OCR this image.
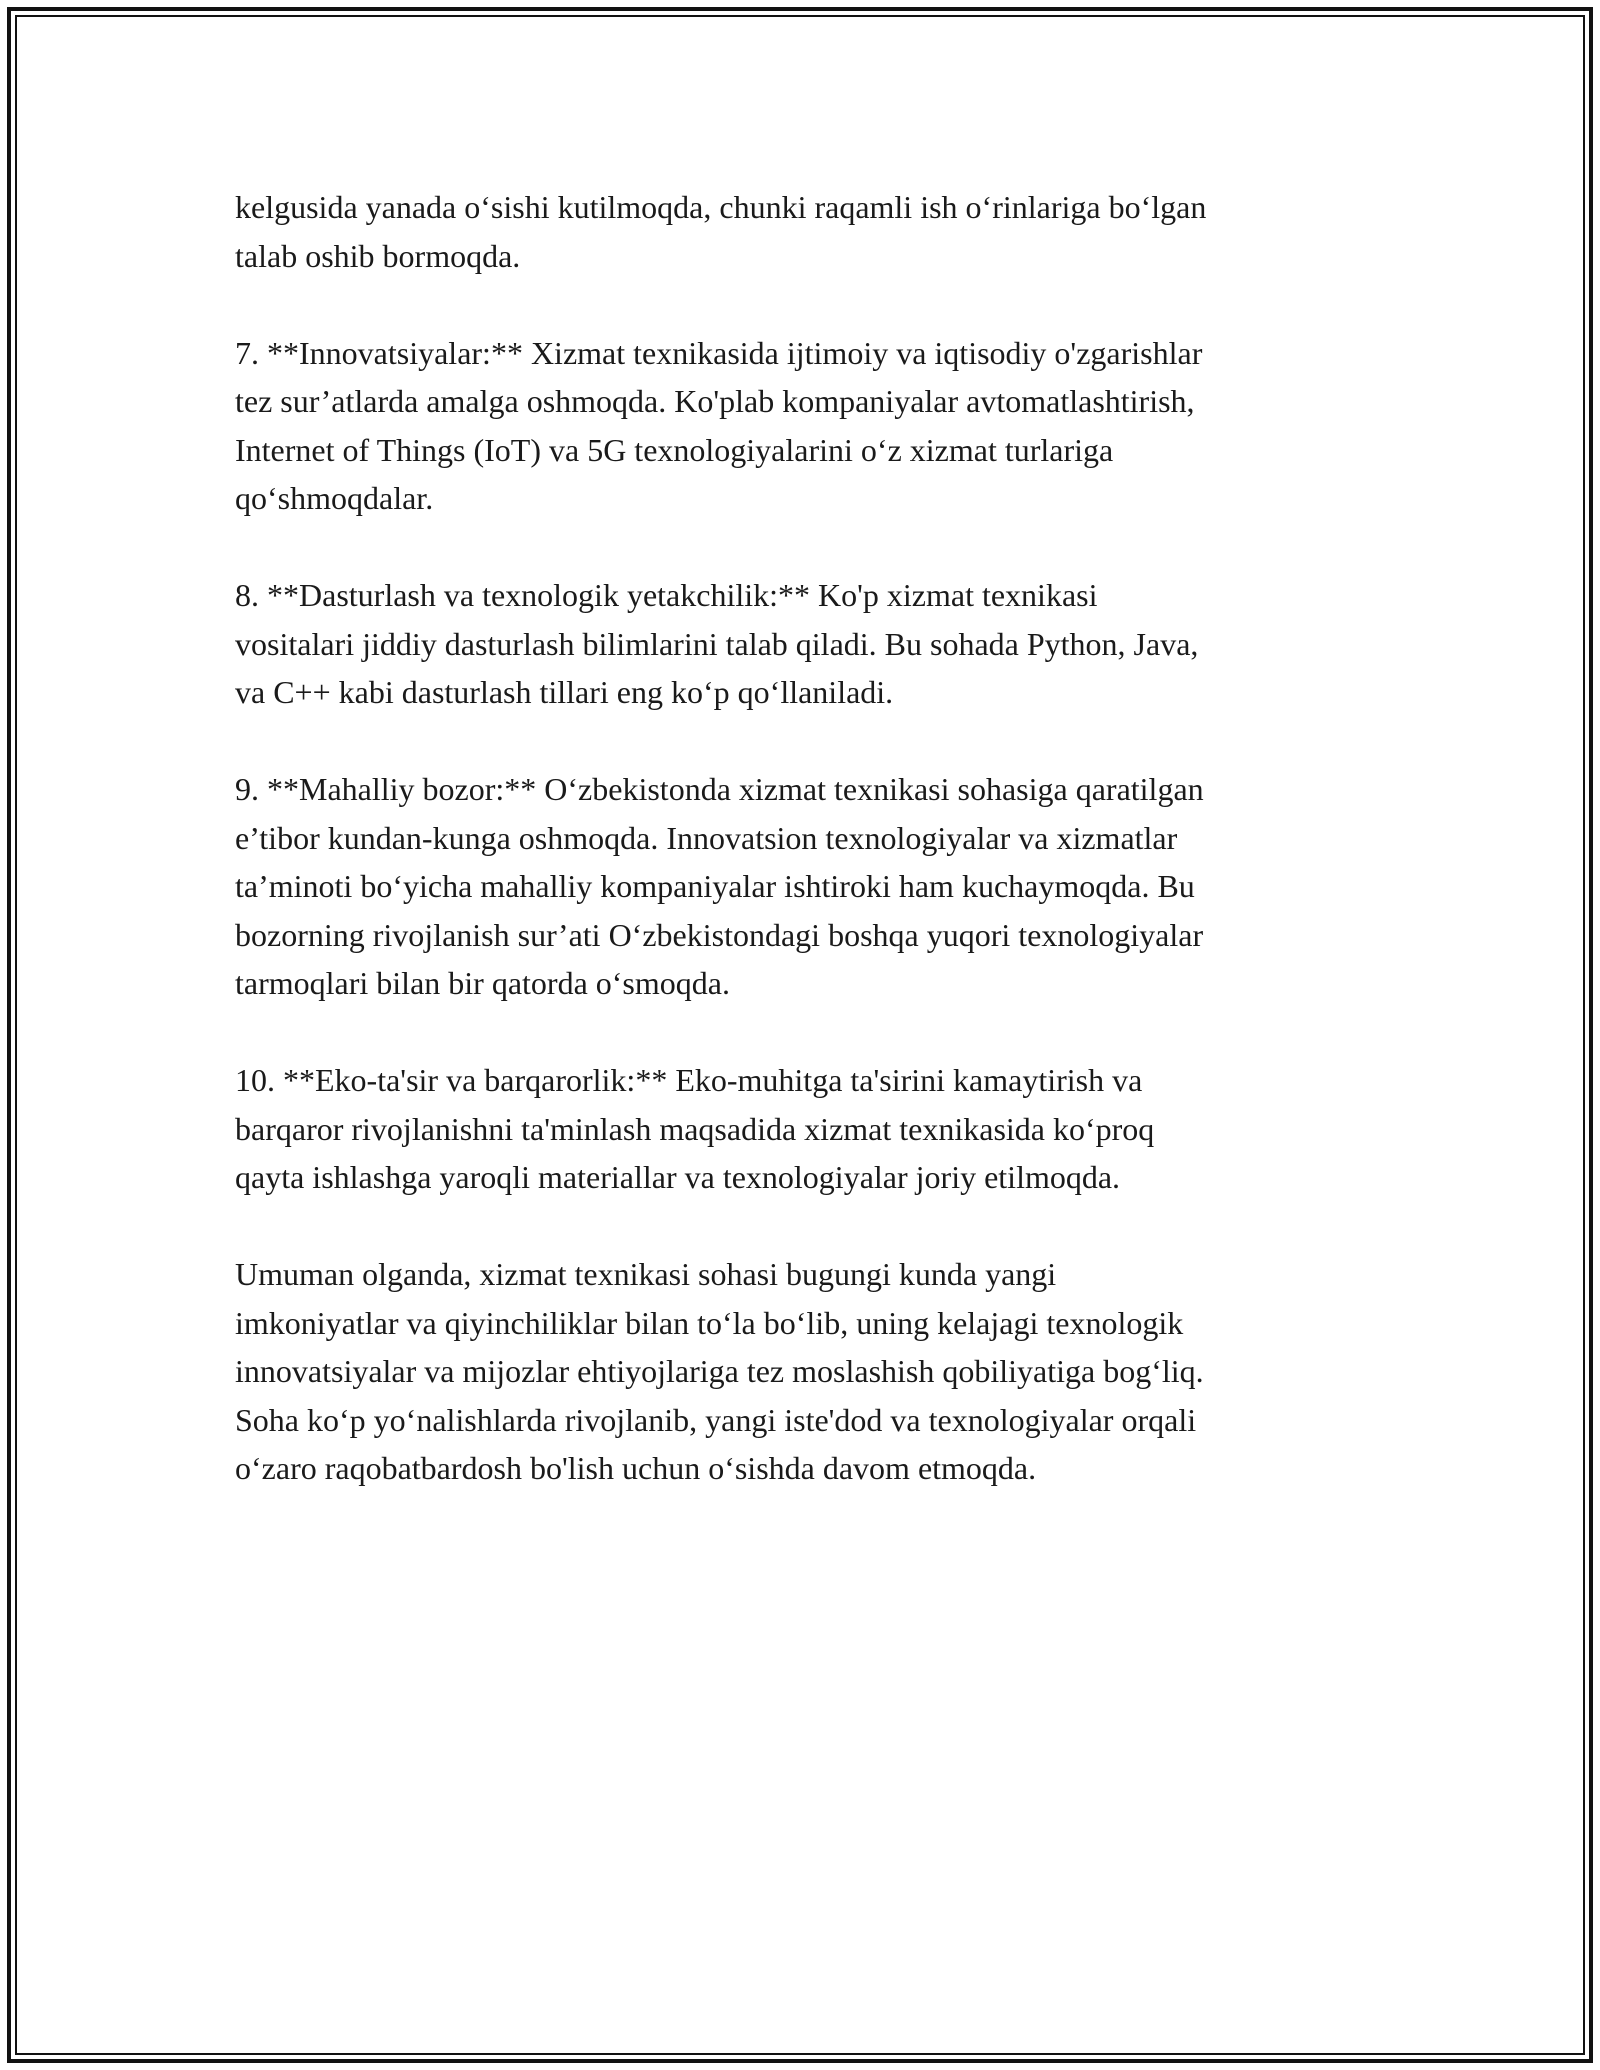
kelgusida yanada o‘sishi kutilmoqda, chunki raqamli ish o‘rinlariga bo‘lgan
talab oshib bormoqda.

7. **Innovatsiyalar:** Xizmat texnikasida ijtimoiy va iqtisodiy o'zgarishlar
tez sur’atlarda amalga oshmoqda. Ko'plab kompaniyalar avtomatlashtirish,
Internet of Things (IoT) va 5G texnologiyalarini o‘z xizmat turlariga
qo‘shmoqdalar.

8. **Dasturlash va texnologik yetakchilik:** Ko'p xizmat texnikasi
vositalari jiddiy dasturlash bilimlarini talab qiladi. Bu sohada Python, Java,
va C++ kabi dasturlash tillari eng ko‘p qo‘llaniladi.

9. **Mahalliy bozor:** O‘zbekistonda xizmat texnikasi sohasiga qaratilgan
e’tibor kundan-kunga oshmoqda. Innovatsion texnologiyalar va xizmatlar
ta’minoti bo‘yicha mahalliy kompaniyalar ishtiroki ham kuchaymoqda. Bu
bozorning rivojlanish sur’ati O‘zbekistondagi boshqa yuqori texnologiyalar
tarmoqlari bilan bir qatorda o‘smoqda.

10. **Eko-ta'sir va barqarorlik:** Eko-muhitga ta'sirini kamaytirish va
barqaror rivojlanishni ta'minlash maqsadida xizmat texnikasida ko‘proq
qayta ishlashga yaroqli materiallar va texnologiyalar joriy etilmoqda.

Umuman olganda, xizmat texnikasi sohasi bugungi kunda yangi
imkoniyatlar va qiyinchiliklar bilan to‘la bo‘lib, uning kelajagi texnologik
innovatsiyalar va mijozlar ehtiyojlariga tez moslashish qobiliyatiga bog‘liq.
Soha ko‘p yo‘nalishlarda rivojlanib, yangi iste'dod va texnologiyalar orqali
o‘zaro raqobatbardosh bo'lish uchun o‘sishda davom etmoqda.
